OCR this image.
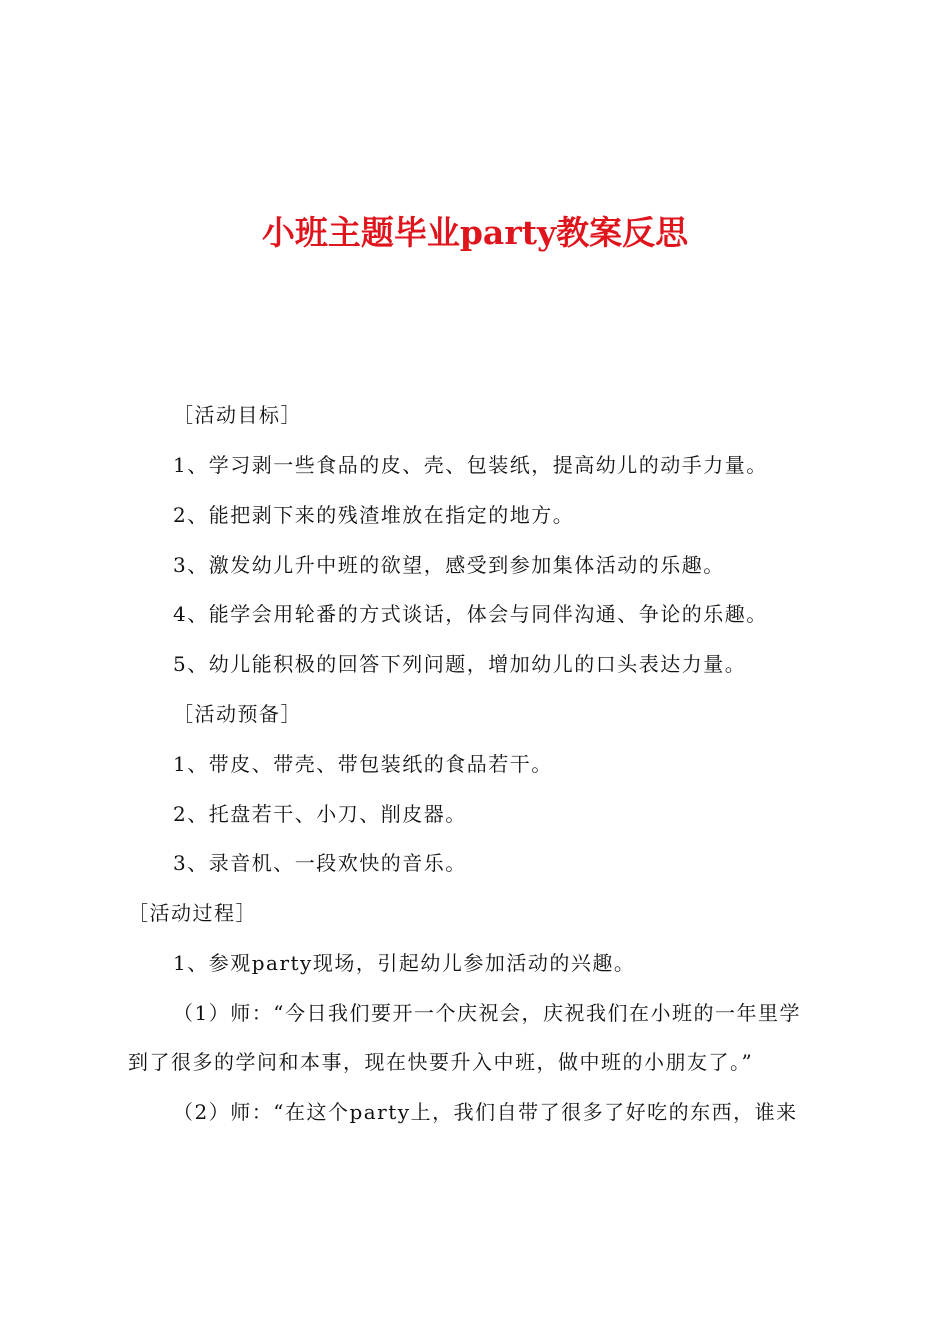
小班主题毕业party教案反思

［活动目标］

1、学习剥一些食品的皮、壳、包装纸，提高幼儿的动手力量。

2、能把剥下来的残渣堆放在指定的地方。

3、激发幼儿升中班的欲望，感受到参加集体活动的乐趣。

4、能学会用轮番的方式谈话，体会与同伴沟通、争论的乐趣。

5、幼儿能积极的回答下列问题，增加幼儿的口头表达力量。

［活动预备］

1、带皮、带壳、带包装纸的食品若干。

2、托盘若干、小刀、削皮器。

3、录音机、一段欢快的音乐。

［活动过程］

1、参观party现场，引起幼儿参加活动的兴趣。

（1）师：“今日我们要开一个庆祝会，庆祝我们在小班的一年里学

到了很多的学问和本事，现在快要升入中班，做中班的小朋友了。”

（2）师：“在这个party上，我们自带了很多了好吃的东西，谁来
